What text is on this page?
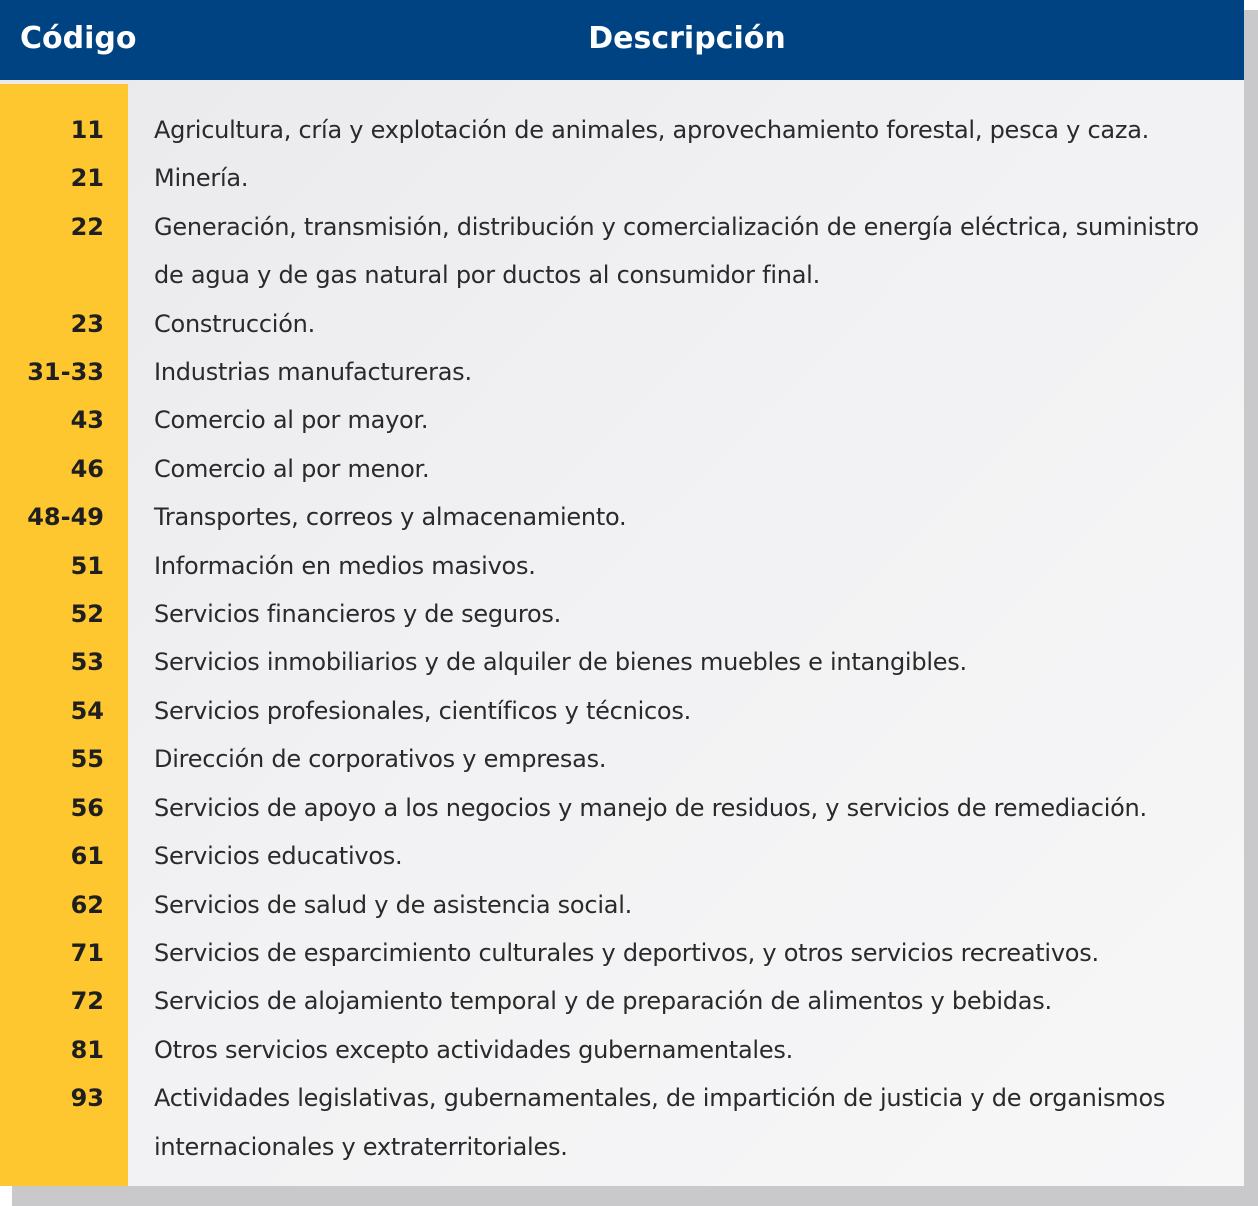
Código	Descripción
11 Agricultura, cría y explotación de animales, aprovechamiento forestal, pesca y caza.
21 Minería.
22 Generación, transmisión, distribución y comercialización de energía eléctrica, suministro de agua y de gas natural por ductos al consumidor final.
23 Construcción.
31-33 Industrias manufactureras.
43 Comercio al por mayor.
46 Comercio al por menor.
48-49 Transportes, correos y almacenamiento.
51 Información en medios masivos.
52 Servicios financieros y de seguros.
53 Servicios inmobiliarios y de alquiler de bienes muebles e intangibles.
54 Servicios profesionales, científicos y técnicos.
55 Dirección de corporativos y empresas.
56 Servicios de apoyo a los negocios y manejo de residuos, y servicios de remediación.
61 Servicios educativos.
62 Servicios de salud y de asistencia social.
71 Servicios de esparcimiento culturales y deportivos, y otros servicios recreativos.
72 Servicios de alojamiento temporal y de preparación de alimentos y bebidas.
81 Otros servicios excepto actividades gubernamentales.
93 Actividades legislativas, gubernamentales, de impartición de justicia y de organismos internacionales y extraterritoriales.
